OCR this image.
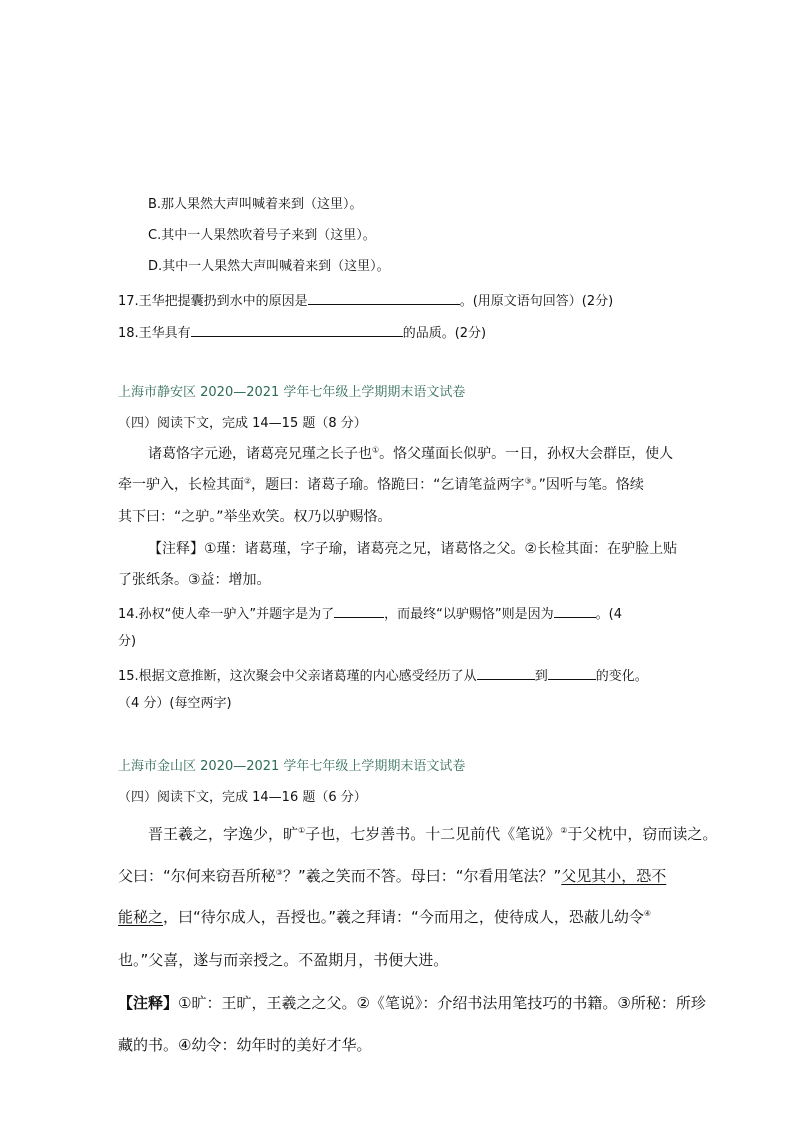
B.那人果然大声叫喊着来到（这里）。
C.其中一人果然吹着号子来到（这里）。
D.其中一人果然大声叫喊着来到（这里）。
17.王华把提囊扔到水中的原因是	。(用原文语句回答）(2分)
18.王华具有	的品质。(2分)
上海市静安区 2020—2021 学年七年级上学期期末语文试卷
（四）阅读下文，完成 14—15 题（8 分）
诸葛恪字元逊，诸葛亮兄瑾之长子也①。恪父瑾面长似驴。一日，孙权大会群臣，使人
牵一驴入，长检其面②，题曰：诸葛子瑜。恪跪曰：“乞请笔益两字③。”因听与笔。恪续
其下曰：“之驴。”举坐欢笑。权乃以驴赐恪。
【注释】①瑾：诸葛瑾，字子瑜，诸葛亮之兄，诸葛恪之父。②长检其面：在驴脸上贴
了张纸条。③益：增加。
14.孙权“使人牵一驴入”并题字是为了	，而最终“以驴赐恪”则是因为	。(4
分)
15.根据文意推断，这次聚会中父亲诸葛瑾的内心感受经历了从	到	的变化。
（4 分）(每空两字)
上海市金山区 2020—2021 学年七年级上学期期末语文试卷
（四）阅读下文，完成 14—16 题（6 分）
晋王羲之，字逸少，旷①子也，七岁善书。十二见前代《笔说》②于父枕中，窃而读之。
父曰：“尔何来窃吾所秘③？”羲之笑而不答。母曰：“尔看用笔法？”父见其小，恐不
能秘之，曰“待尔成人，吾授也。”羲之拜请：“今而用之，使待成人，恐蔽儿幼令④
也。”父喜，遂与而亲授之。不盈期月，书便大进。
【注释】①旷：王旷，王羲之之父。②《笔说》：介绍书法用笔技巧的书籍。③所秘：所珍
藏的书。④幼令：幼年时的美好才华。
